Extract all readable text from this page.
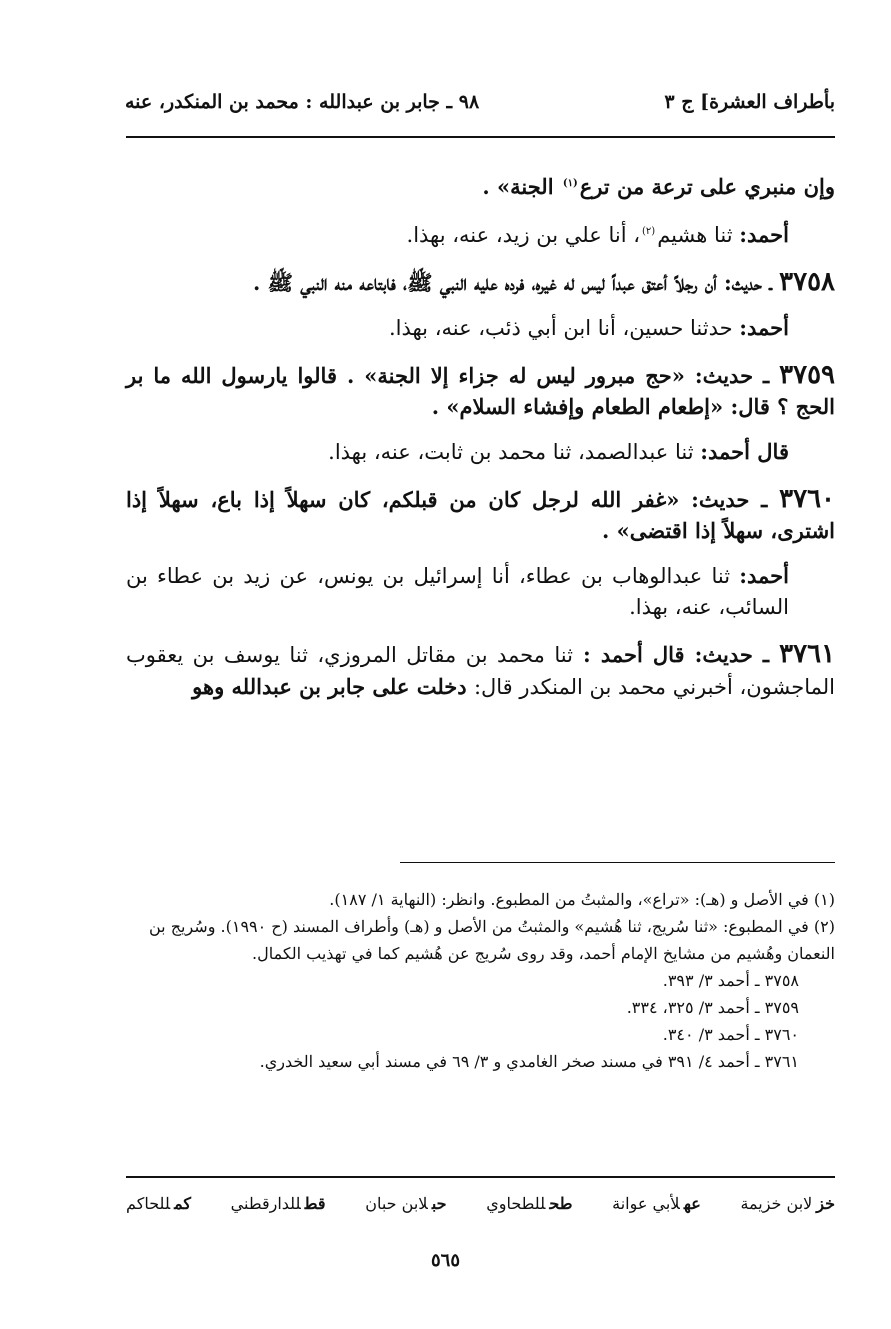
بأطراف العشرة] ج ٣
٩٨ ـ جابر بن عبدالله : محمد بن المنكدر، عنه

وإن منبري على ترعة من ترع$^{(١)}$ الجنة» .

أحمد: ثنا هشيم$^{(٢)}$، أنا علي بن زيد، عنه، بهذا.

٣٧٥٨ ـ حديث: أن رجلاً أعتق عبداً ليس له غيره، فرده عليه النبي ﷺ، فابتاعه منه النبي ﷺ .

أحمد: حدثنا حسين، أنا ابن أبي ذئب، عنه، بهذا.

٣٧٥٩ ـ حديث: «حج مبرور ليس له جزاء إلا الجنة» . قالوا يارسول الله ما بر الحج ؟ قال: «إطعام الطعام وإفشاء السلام» .

قال أحمد: ثنا عبدالصمد، ثنا محمد بن ثابت، عنه، بهذا.

٣٧٦٠ ـ حديث: «غفر الله لرجل كان من قبلكم، كان سهلاً إذا باع، سهلاً إذا اشترى، سهلاً إذا اقتضى» .

أحمد: ثنا عبدالوهاب بن عطاء، أنا إسرائيل بن يونس، عن زيد بن عطاء بن السائب، عنه، بهذا.

٣٧٦١ ـ حديث: قال أحمد : ثنا محمد بن مقاتل المروزي، ثنا يوسف بن يعقوب الماجشون، أخبرني محمد بن المنكدر قال: دخلت على جابر بن عبدالله وهو

(١) في الأصل و (هـ): «تراع»، والمثبتُ من المطبوع. وانظر: (النهاية ١/ ١٨٧).

(٢) في المطبوع: «ثنا سُريج، ثنا هُشيم» والمثبتُ من الأصل و (هـ) وأطراف المسند (ح ١٩٩٠). وسُريج بن النعمان وهُشيم من مشايخ الإمام أحمد، وقد روى سُريج عن هُشيم كما في تهذيب الكمال.

٣٧٥٨ ـ أحمد ٣/ ٣٩٣.

٣٧٥٩ ـ أحمد ٣/ ٣٢٥، ٣٣٤.

٣٧٦٠ ـ أحمد ٣/ ٣٤٠.

٣٧٦١ ـ أحمد ٤/ ٣٩١ في مسند صخر الغامدي و ٣/ ٦٩ في مسند أبي سعيد الخدري.

خزلابن خزيمة
عهلأبي عوانة
طحللطحاوي
حبلابن حبان
قطللدارقطني
كمللحاكم
٥٦٥
